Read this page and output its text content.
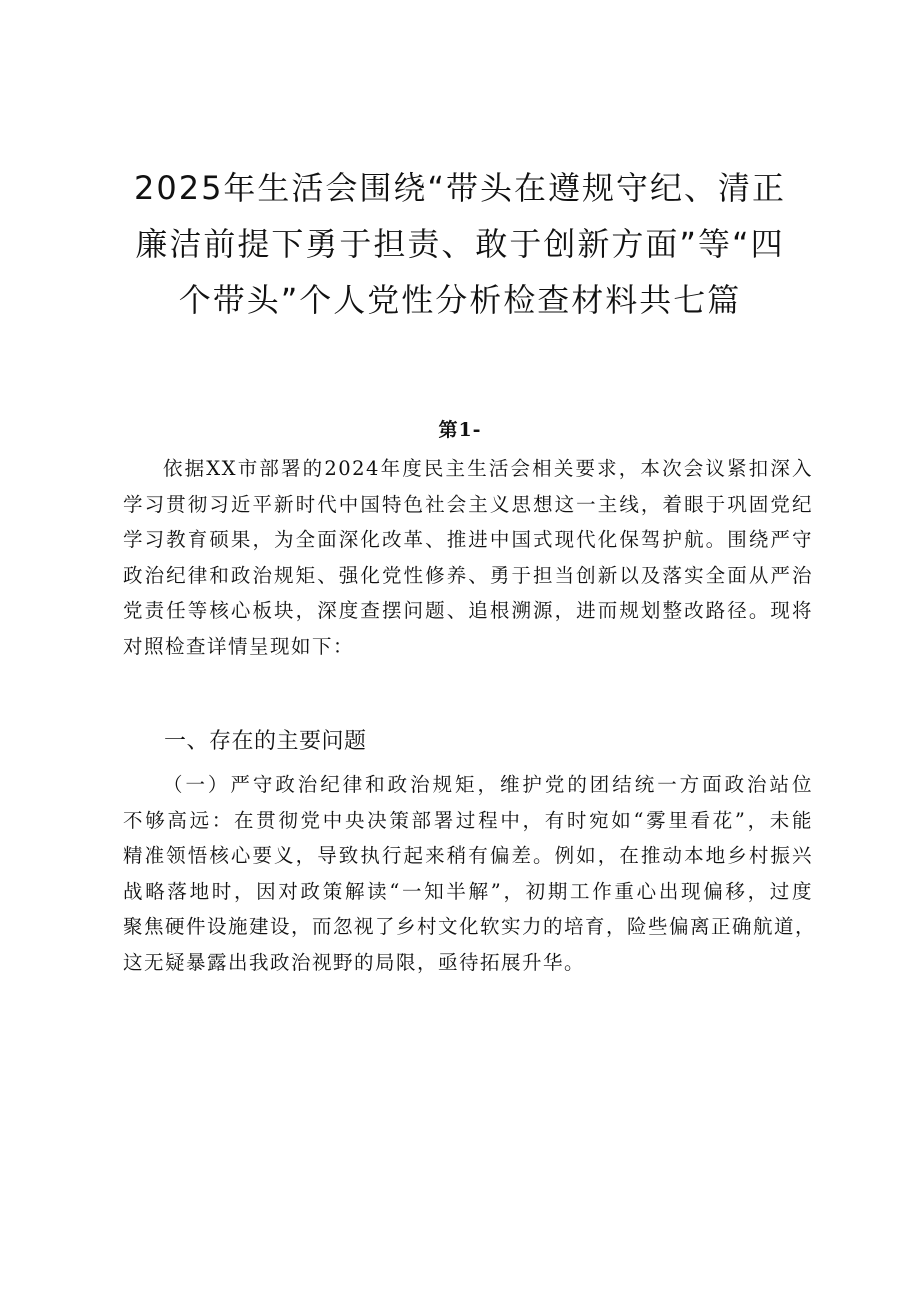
2025年生活会围绕“带头在遵规守纪、清正
廉洁前提下勇于担责、敢于创新方面”等“四
个带头”个人党性分析检查材料共七篇
第1-

依据XX市部署的2024年度民主生活会相关要求，本次会议紧扣深入
学习贯彻习近平新时代中国特色社会主义思想这一主线，着眼于巩固党纪
学习教育硕果，为全面深化改革、推进中国式现代化保驾护航。围绕严守
政治纪律和政治规矩、强化党性修养、勇于担当创新以及落实全面从严治
党责任等核心板块，深度查摆问题、追根溯源，进而规划整改路径。现将
对照检查详情呈现如下：

一、存在的主要问题

（一）严守政治纪律和政治规矩，维护党的团结统一方面政治站位
不够高远：在贯彻党中央决策部署过程中，有时宛如“雾里看花”，未能
精准领悟核心要义，导致执行起来稍有偏差。例如，在推动本地乡村振兴
战略落地时，因对政策解读“一知半解”，初期工作重心出现偏移，过度
聚焦硬件设施建设，而忽视了乡村文化软实力的培育，险些偏离正确航道，
这无疑暴露出我政治视野的局限，亟待拓展升华。
